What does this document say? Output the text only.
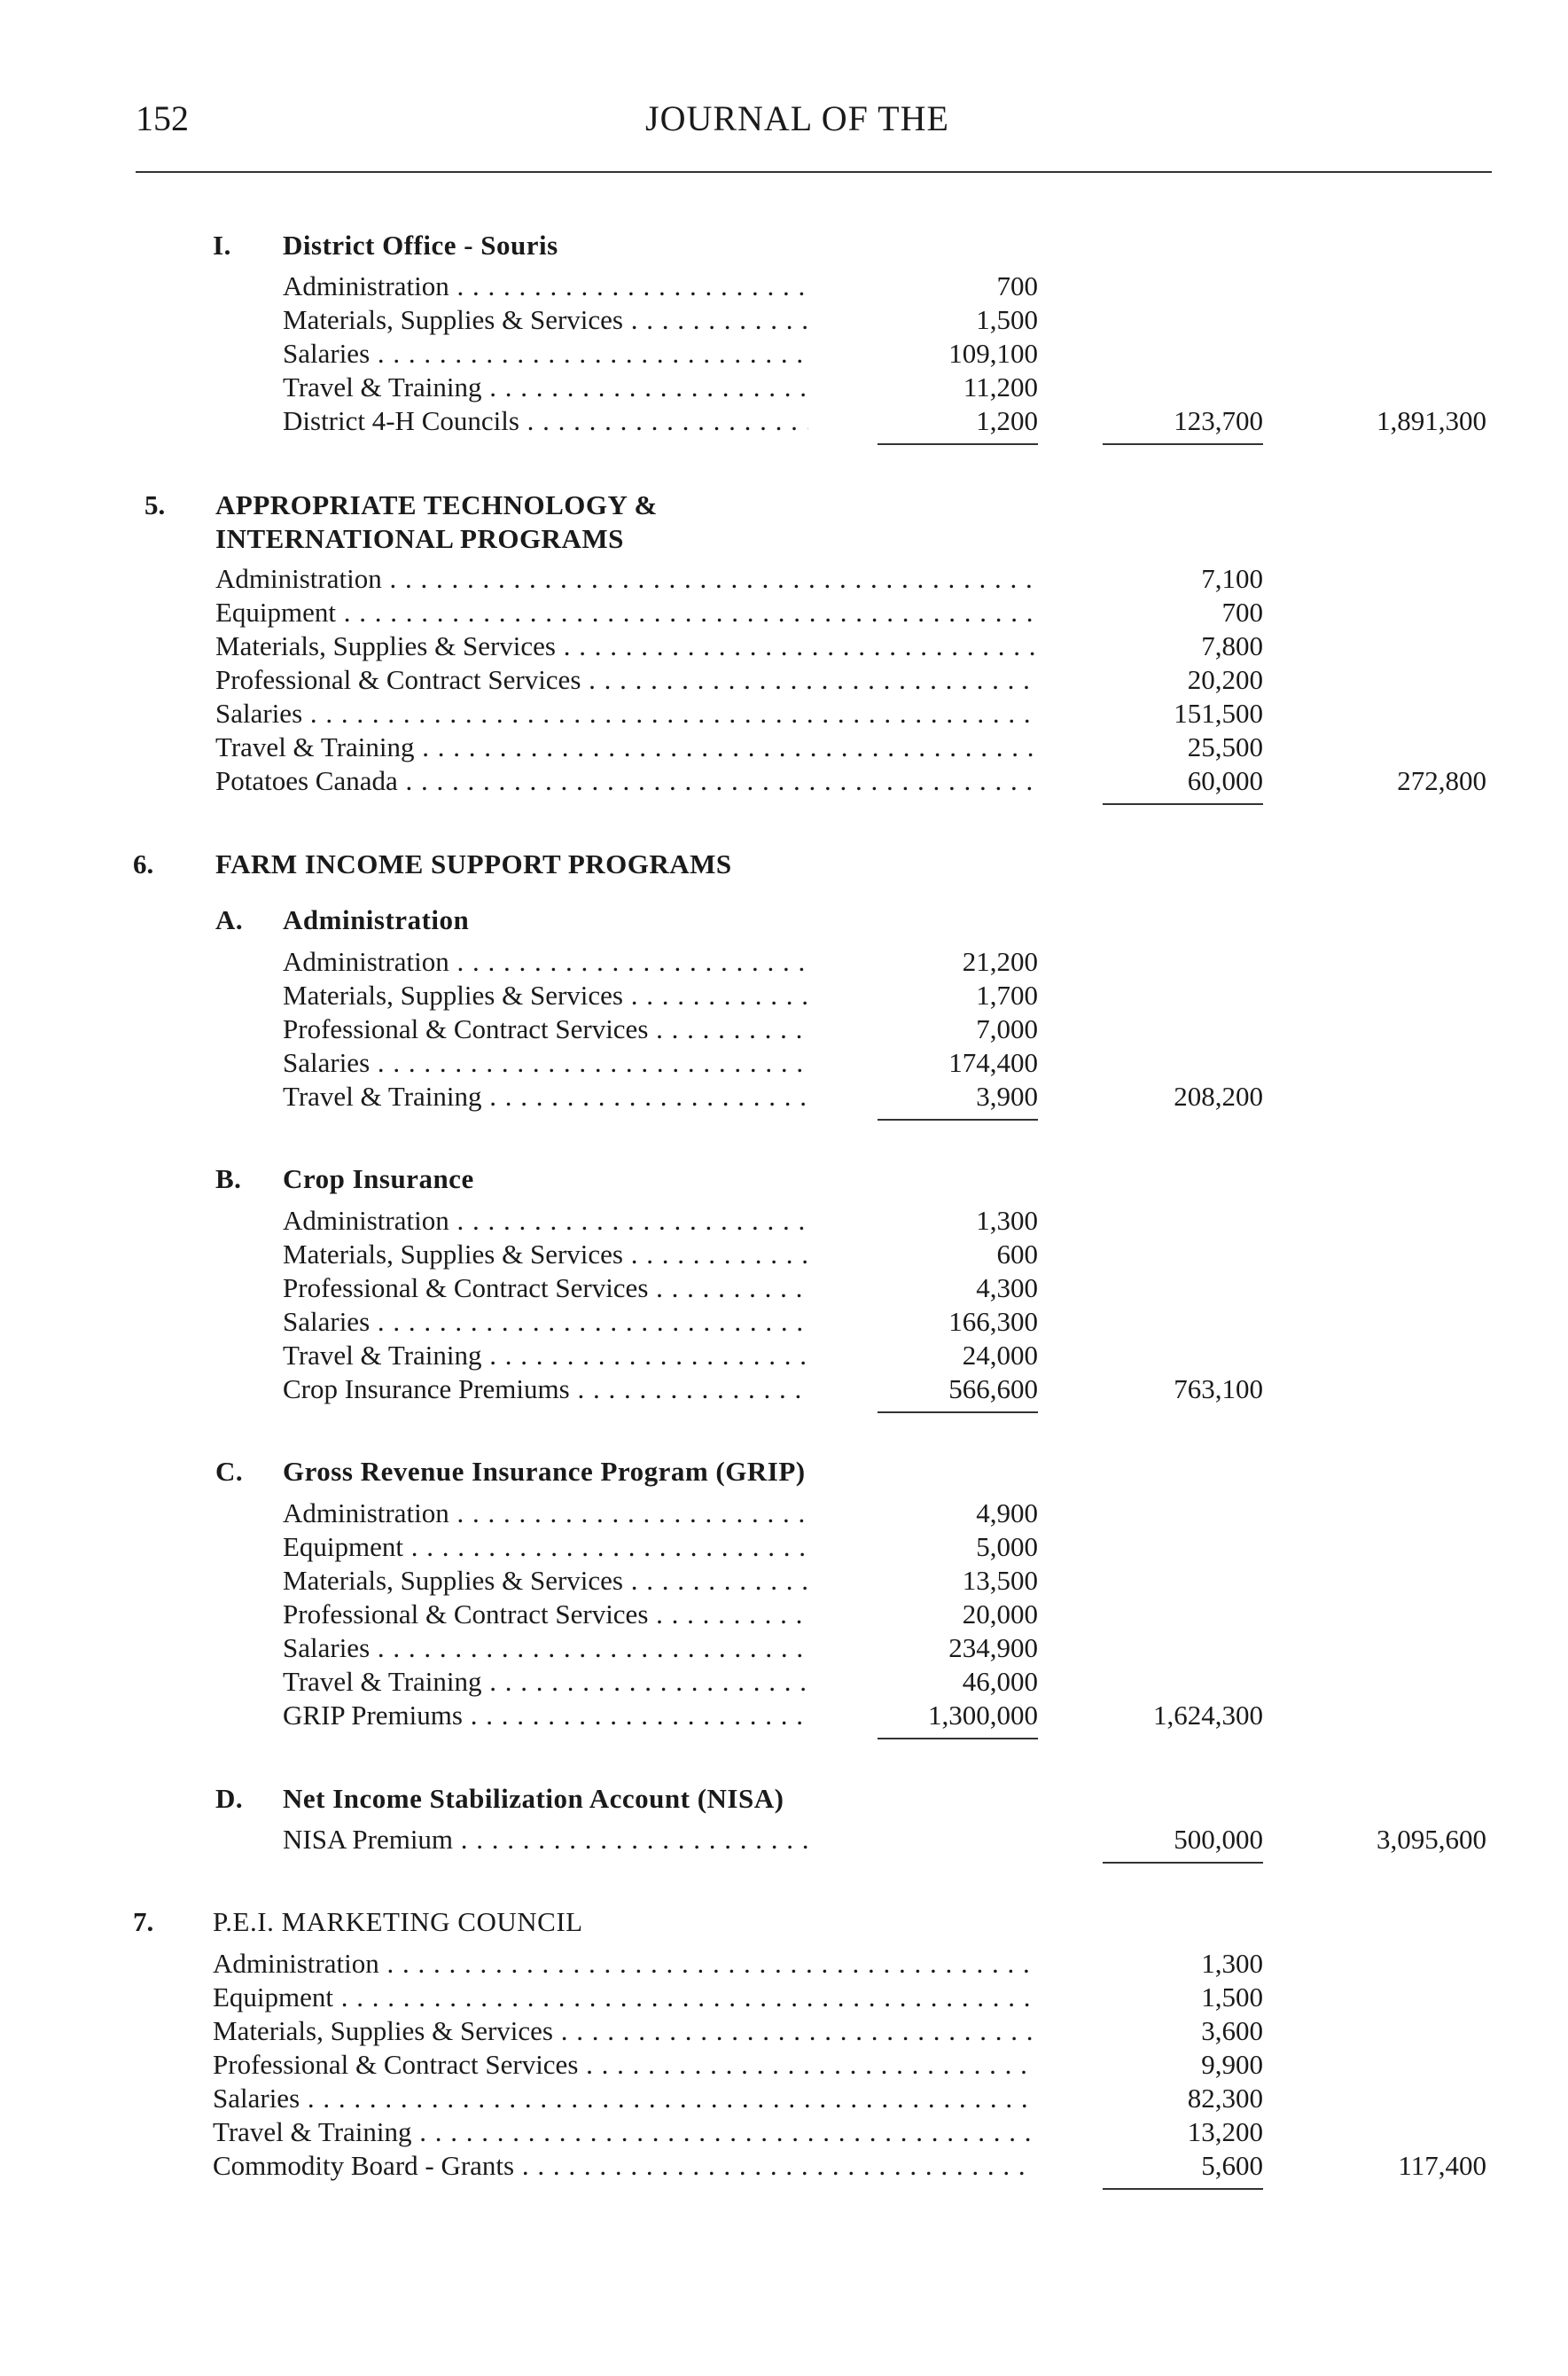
152	JOURNAL OF THE
I. District Office - Souris
Administration . . .	700
Materials, Supplies & Services . . .	1,500
Salaries . . .	109,100
Travel & Training . . .	11,200
District 4-H Councils . . .	1,200	123,700	1,891,300
5. APPROPRIATE TECHNOLOGY &
INTERNATIONAL PROGRAMS
Administration . . .	7,100
Equipment . . .	700
Materials, Supplies & Services . . .	7,800
Professional & Contract Services . . .	20,200
Salaries . . .	151,500
Travel & Training . . .	25,500
Potatoes Canada . . .	60,000	272,800
6. FARM INCOME SUPPORT PROGRAMS
A. Administration
Administration . . .	21,200
Materials, Supplies & Services . . .	1,700
Professional & Contract Services . . .	7,000
Salaries . . .	174,400
Travel & Training . . .	3,900	208,200
B. Crop Insurance
Administration . . .	1,300
Materials, Supplies & Services . . .	600
Professional & Contract Services . . .	4,300
Salaries . . .	166,300
Travel & Training . . .	24,000
Crop Insurance Premiums . . .	566,600	763,100
C. Gross Revenue Insurance Program (GRIP)
Administration . . .	4,900
Equipment . . .	5,000
Materials, Supplies & Services . . .	13,500
Professional & Contract Services . . .	20,000
Salaries . . .	234,900
Travel & Training . . .	46,000
GRIP Premiums . . .	1,300,000	1,624,300
D. Net Income Stabilization Account (NISA)
NISA Premium . . .	500,000	3,095,600
7. P.E.I. MARKETING COUNCIL
Administration . . .	1,300
Equipment . . .	1,500
Materials, Supplies & Services . . .	3,600
Professional & Contract Services . . .	9,900
Salaries . . .	82,300
Travel & Training . . .	13,200
Commodity Board - Grants . . .	5,600	117,400
